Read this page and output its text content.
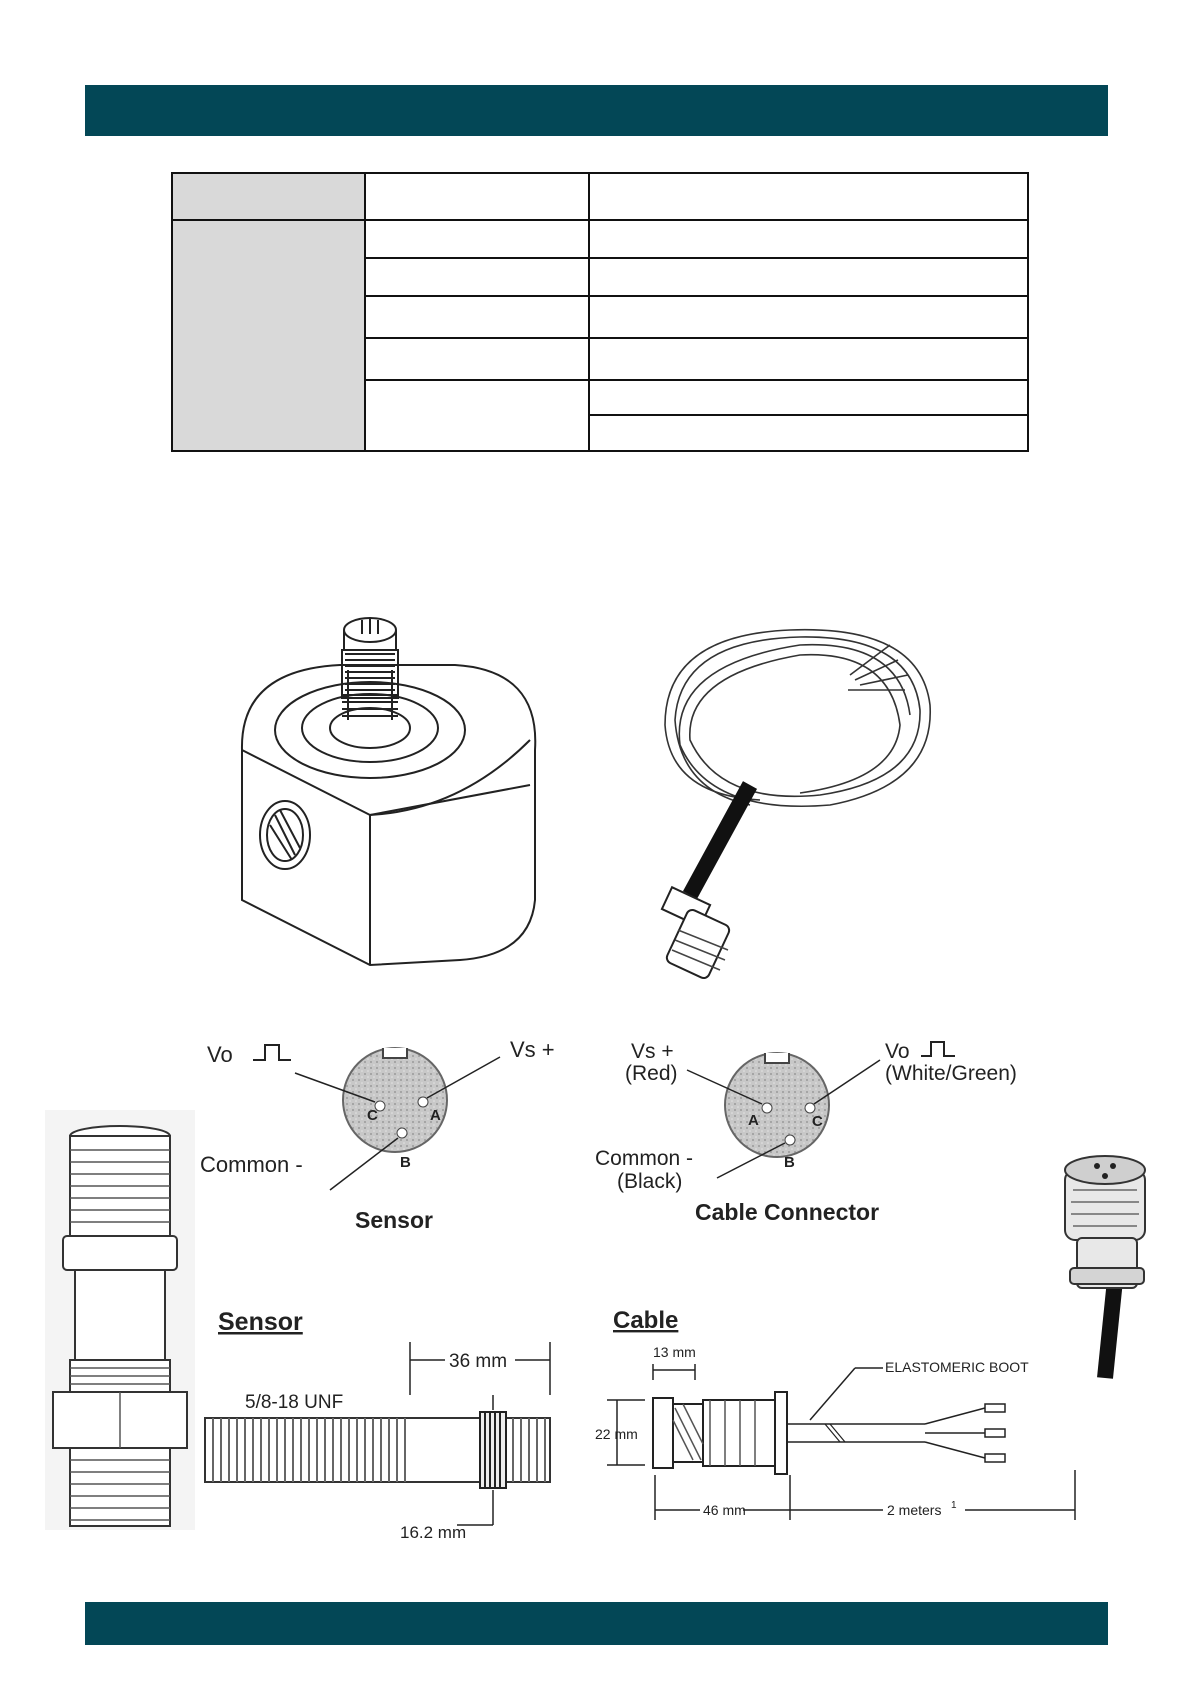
C	A
B
Vo	Vs +
Common -
Sensor
A	C
B
Vs +
(Red)
Vo
(White/Green)
Common -
(Black)
Cable Connector
Sensor
5/8-18 UNF
36 mm
16.2 mm
Cable
13 mm
22 mm
ELASTOMERIC BOOT
46 mm	2 meters 1
